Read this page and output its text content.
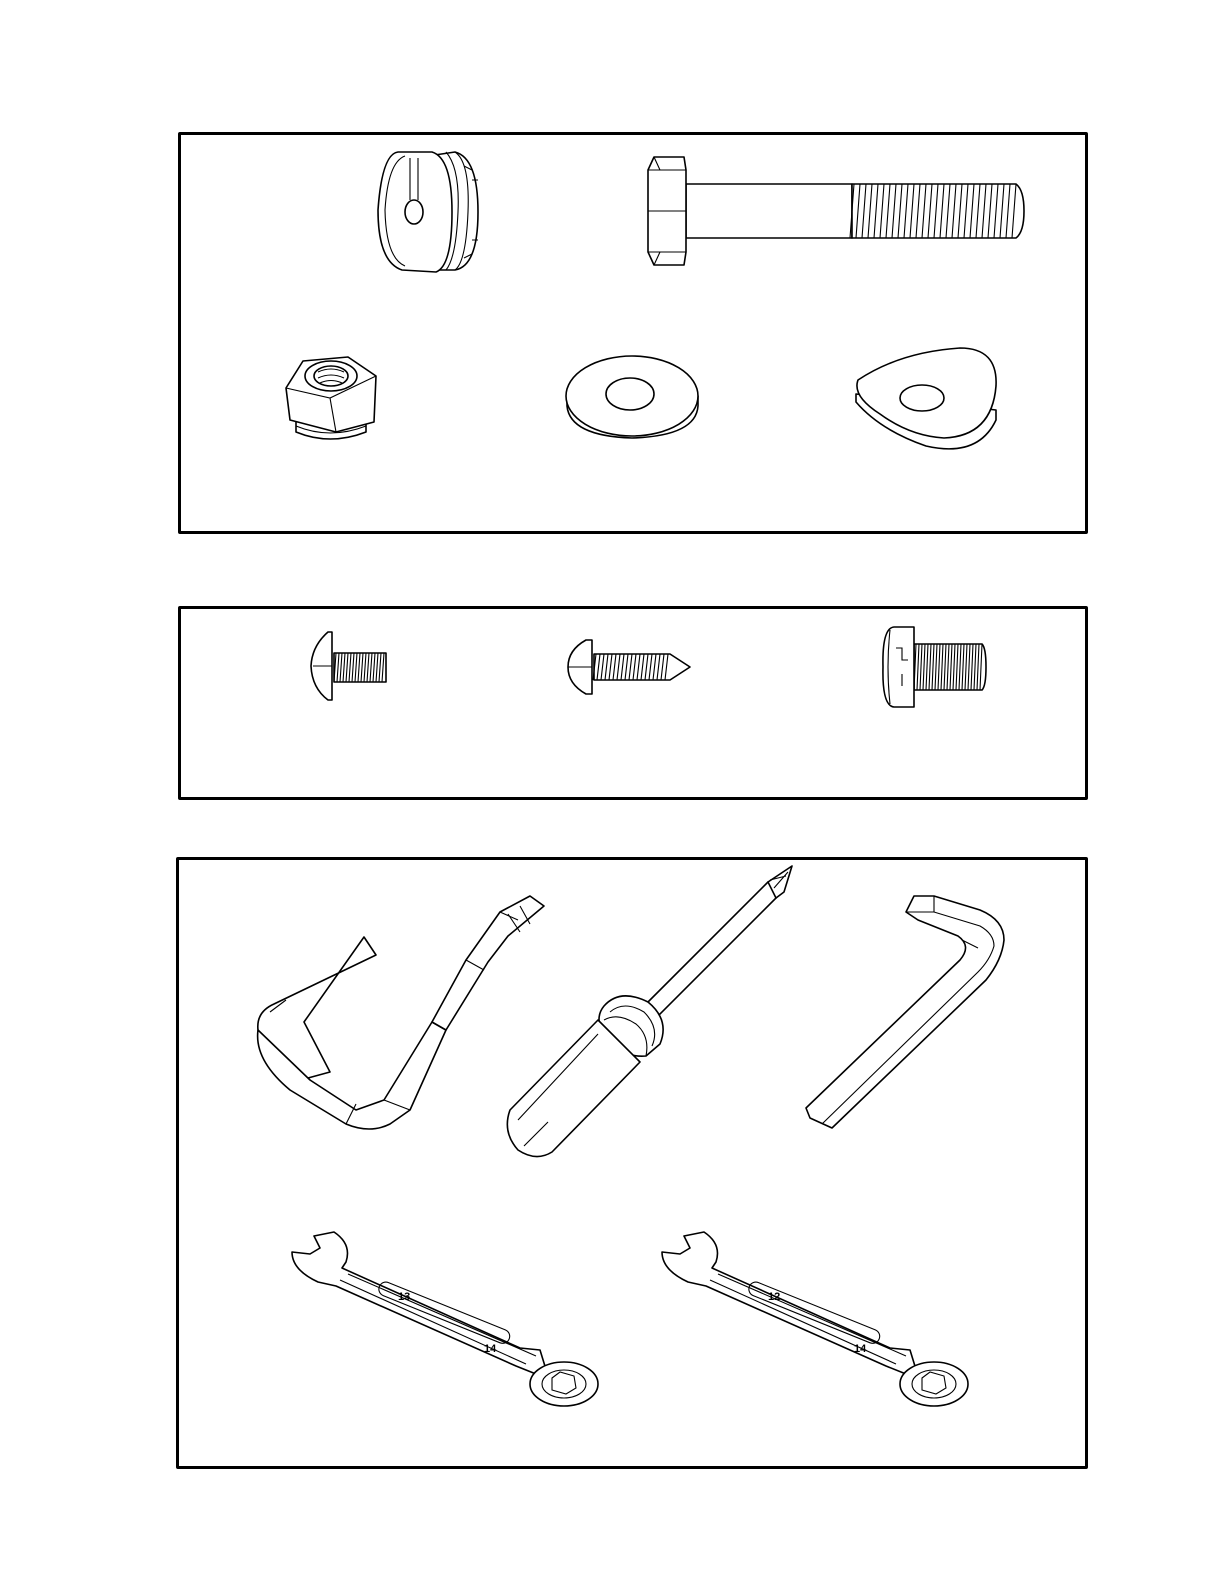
13
14
12
14
